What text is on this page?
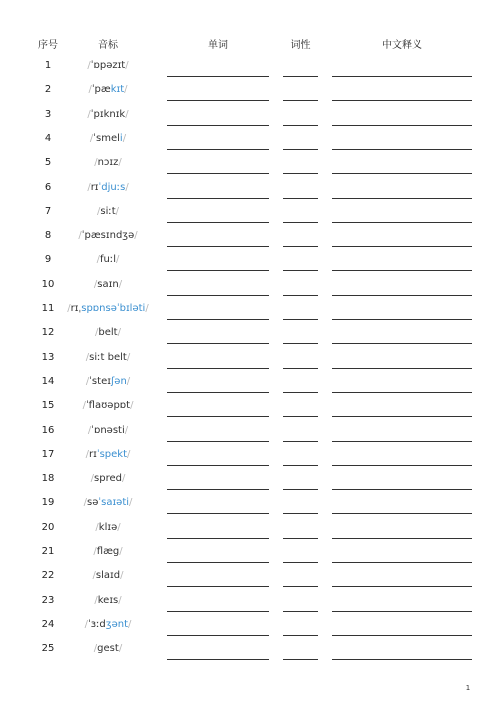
序号	音标	单词	词性	中文释义
1	/ˈɒpəzɪt/
2	/ˈpækɪt/
3	/ˈpɪknɪk/
4	/ˈsmeli/
5	/nɔɪz/
6	/rɪˈdjuːs/
7	/siːt/
8	/ˈpæsɪndʒə/
9	/fuːl/
10	/saɪn/
11	/rɪˌspɒnsəˈbɪləti/
12	/belt/
13	/siːt belt/
14	/ˈsteɪʃən/
15	/ˈflaʊəpɒt/
16	/ˈɒnəsti/
17	/rɪˈspekt/
18	/spred/
19	/səˈsaɪəti/
20	/klɪə/
21	/flæg/
22	/slaɪd/
23	/keɪs/
24	/ˈɜːdʒənt/
25	/gest/
1
